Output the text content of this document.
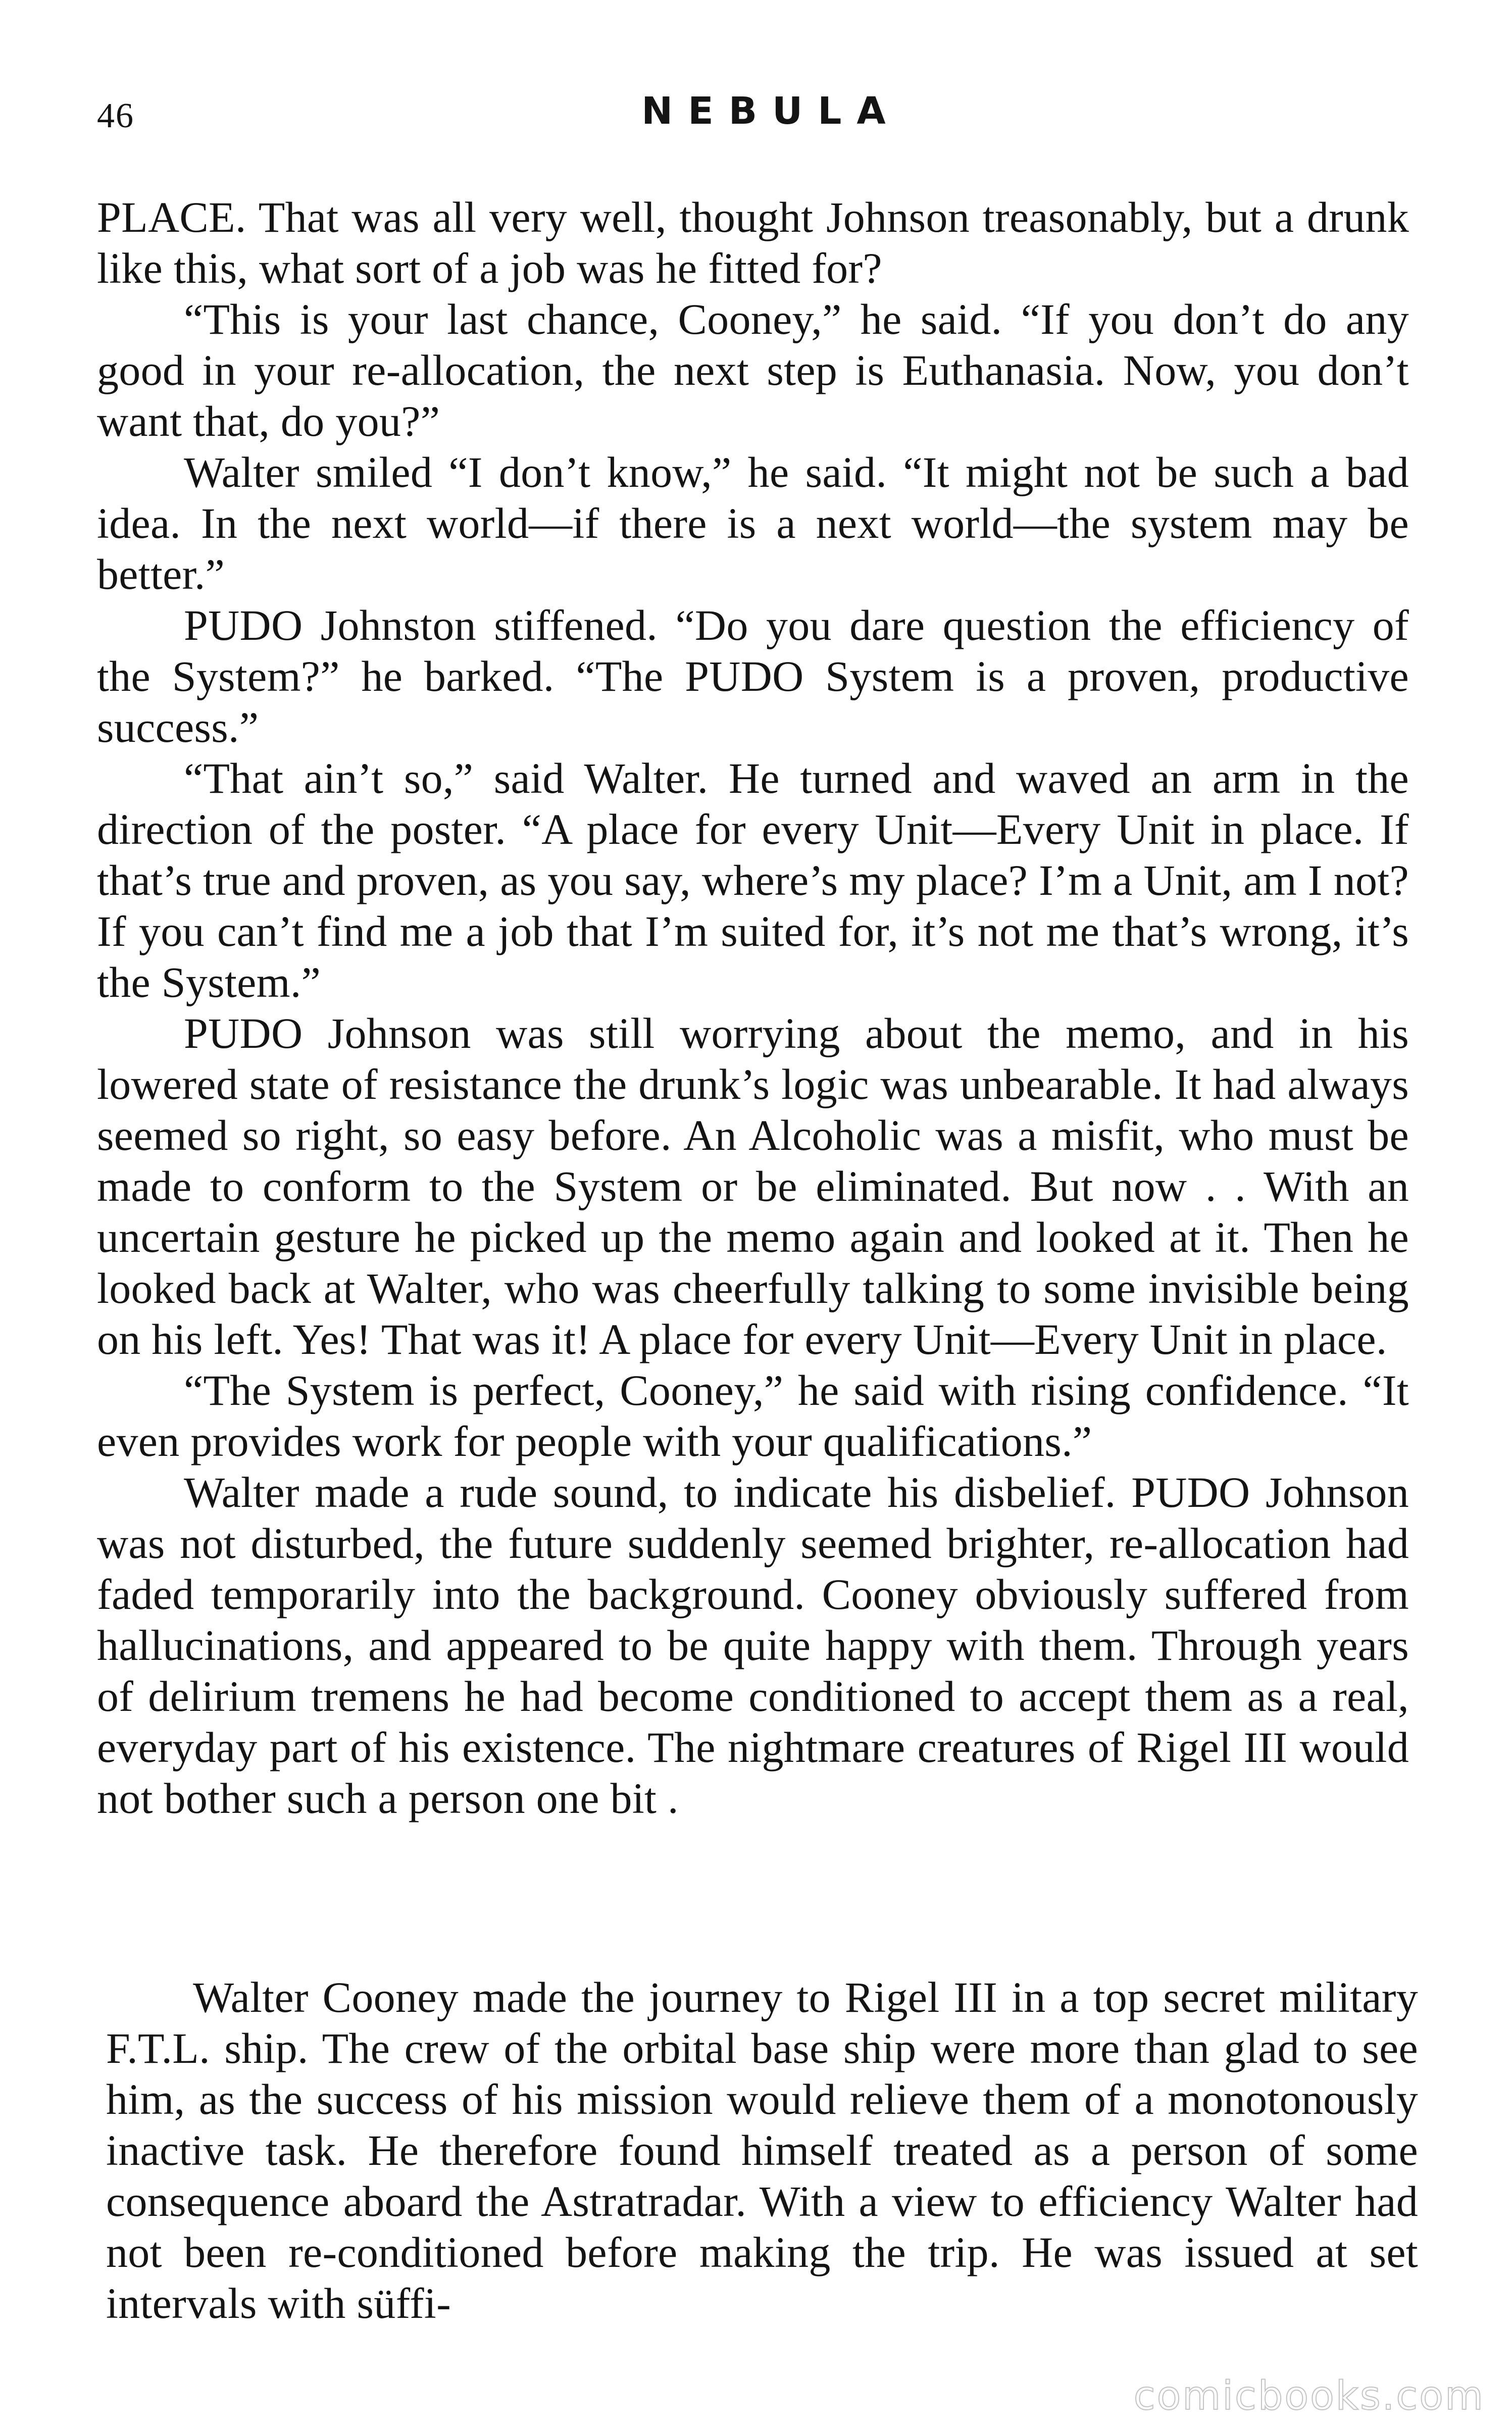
46	NEBULA

PLACE. That was all very well, thought Johnson treasonably, but a drunk like this, what sort of a job was he fitted for?

“This is your last chance, Cooney,” he said. “If you don’t do any good in your re-allocation, the next step is Euthanasia. Now, you don’t want that, do you?”

Walter smiled “I don’t know,” he said. “It might not be such a bad idea. In the next world—if there is a next world—the system may be better.”

PUDO Johnston stiffened. “Do you dare question the efficiency of the System?” he barked. “The PUDO System is a proven, productive success.”

“That ain’t so,” said Walter. He turned and waved an arm in the direction of the poster. “A place for every Unit—Every Unit in place. If that’s true and proven, as you say, where’s my place? I’m a Unit, am I not? If you can’t find me a job that I’m suited for, it’s not me that’s wrong, it’s the System.”

PUDO Johnson was still worrying about the memo, and in his lowered state of resistance the drunk’s logic was unbearable. It had always seemed so right, so easy before. An Alcoholic was a misfit, who must be made to conform to the System or be eliminated. But now . . With an uncertain gesture he picked up the memo again and looked at it. Then he looked back at Walter, who was cheerfully talking to some invisible being on his left. Yes! That was it! A place for every Unit—Every Unit in place.

“The System is perfect, Cooney,” he said with rising confidence. “It even provides work for people with your qualifications.”

Walter made a rude sound, to indicate his disbelief. PUDO Johnson was not disturbed, the future suddenly seemed brighter, re-allocation had faded temporarily into the background. Cooney obviously suffered from hallucinations, and appeared to be quite happy with them. Through years of delirium tremens he had become conditioned to accept them as a real, everyday part of his existence. The nightmare creatures of Rigel III would not bother such a person one bit .

Walter Cooney made the journey to Rigel III in a top secret military F.T.L. ship. The crew of the orbital base ship were more than glad to see him, as the success of his mission would relieve them of a monotonously inactive task. He therefore found himself treated as a person of some consequence aboard the Astratradar. With a view to efficiency Walter had not been re-conditioned before making the trip. He was issued at set intervals with süffi-

comicbooks.com
